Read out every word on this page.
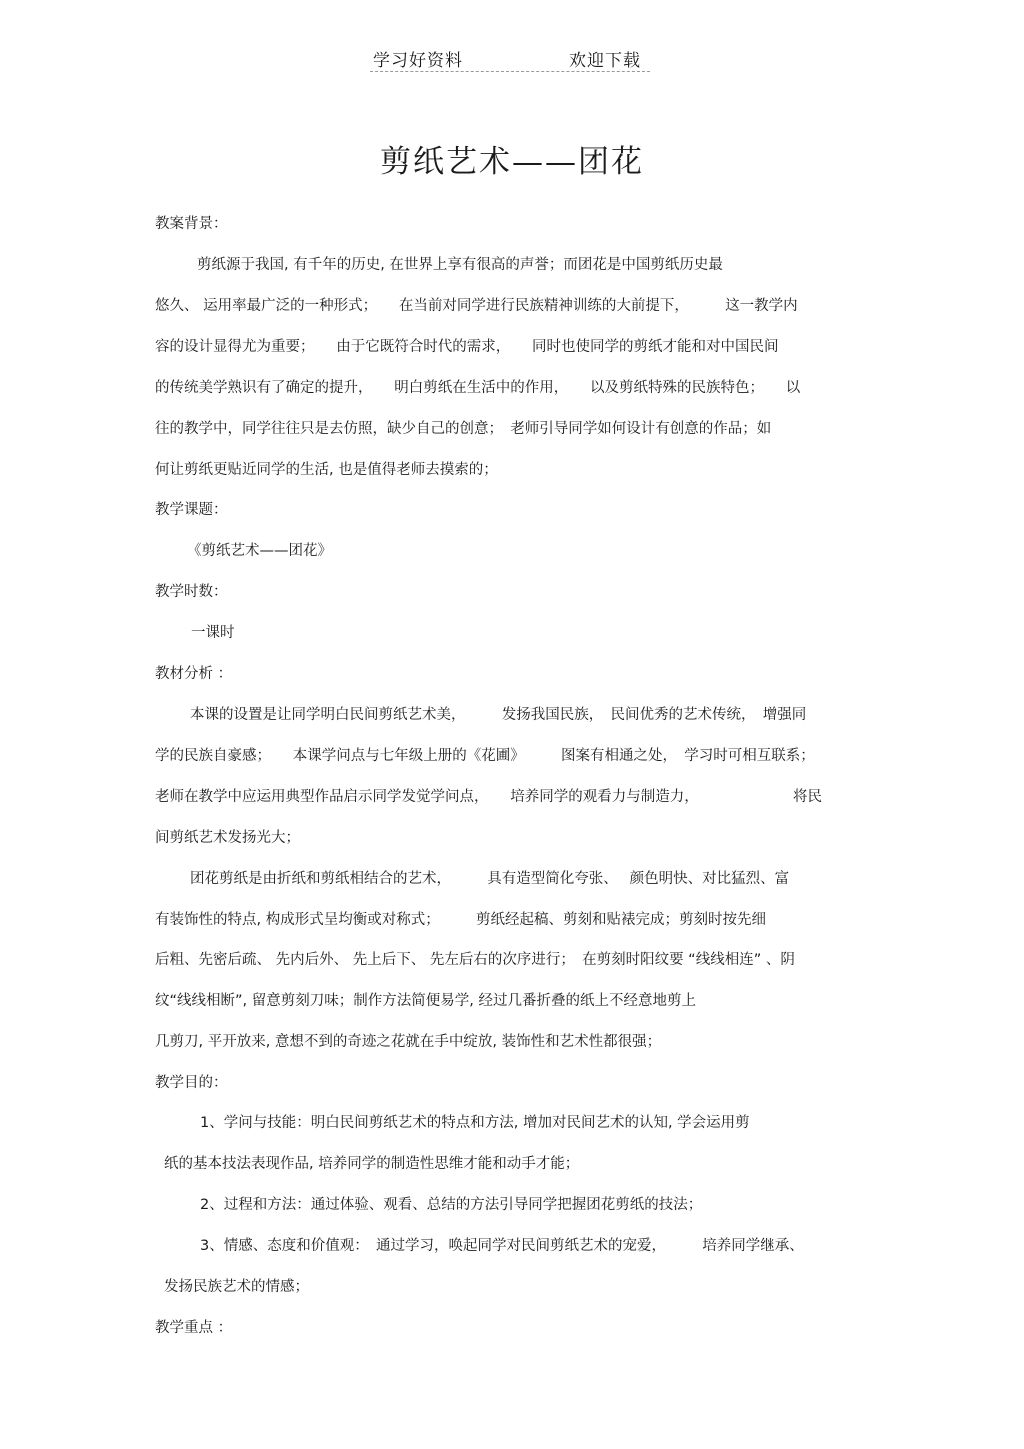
学习好资料	欢迎下载
剪纸艺术——团花
教案背景：
剪纸源于我国, 有千年的历史, 在世界上享有很高的声誉；而团花是中国剪纸历史最
悠久、 运用率最广泛的一种形式；　　在当前对同学进行民族精神训练的大前提下，　　　这一教学内
容的设计显得尤为重要；　　由于它既符合时代的需求，　　同时也使同学的剪纸才能和对中国民间
的传统美学熟识有了确定的提升，　　明白剪纸在生活中的作用，　　以及剪纸特殊的民族特色；　　以
往的教学中，同学往往只是去仿照，缺少自己的创意；　老师引导同学如何设计有创意的作品；如
何让剪纸更贴近同学的生活, 也是值得老师去摸索的；
教学课题：
《剪纸艺术——团花》
教学时数：
一课时
教材分析 ：
本课的设置是让同学明白民间剪纸艺术美，　　　发扬我国民族，　民间优秀的艺术传统，　增强同
学的民族自豪感；　　本课学问点与七年级上册的《花圃》　　　图案有相通之处，　学习时可相互联系；
老师在教学中应运用典型作品启示同学发觉学问点，　　培养同学的观看力与制造力，　　　　　　　将民
间剪纸艺术发扬光大；
团花剪纸是由折纸和剪纸相结合的艺术，　　　具有造型简化夸张、　 颜色明快、对比猛烈、富
有装饰性的特点, 构成形式呈均衡或对称式；　　　剪纸经起稿、剪刻和贴裱完成；剪刻时按先细
后粗、先密后疏、 先内后外、 先上后下、 先左后右的次序进行；　在剪刻时阳纹要 “线线相连” 、阴
纹“线线相断”, 留意剪刻刀味；制作方法简便易学, 经过几番折叠的纸上不经意地剪上
几剪刀, 平开放来, 意想不到的奇迹之花就在手中绽放, 装饰性和艺术性都很强；
教学目的：
1、学问与技能：明白民间剪纸艺术的特点和方法, 增加对民间艺术的认知, 学会运用剪
纸的基本技法表现作品, 培养同学的制造性思维才能和动手才能；
2、过程和方法：通过体验、观看、总结的方法引导同学把握团花剪纸的技法；
3、情感、态度和价值观：　通过学习，唤起同学对民间剪纸艺术的宠爱，　　　培养同学继承、
发扬民族艺术的情感；
教学重点 ：
